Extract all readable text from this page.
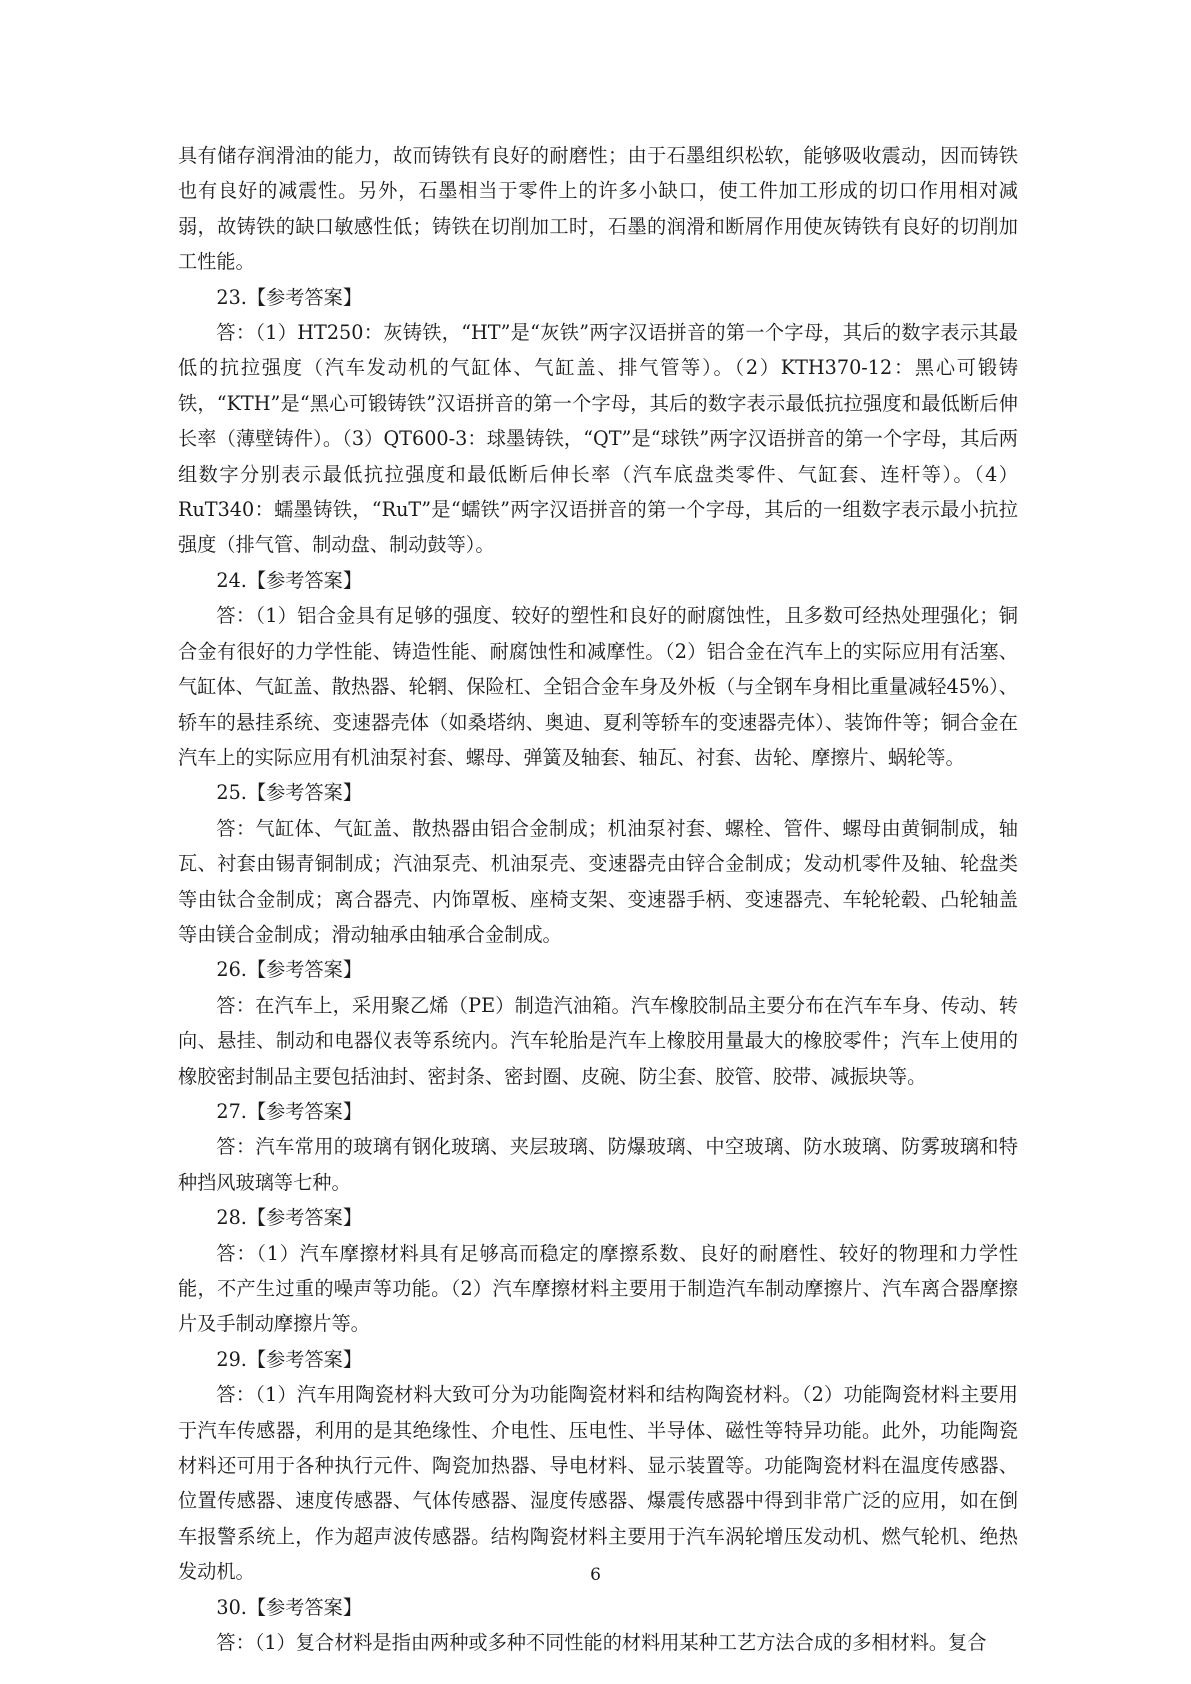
具有储存润滑油的能力，故而铸铁有良好的耐磨性；由于石墨组织松软，能够吸收震动，因而铸铁也有良好的减震性。另外，石墨相当于零件上的许多小缺口，使工件加工形成的切口作用相对减弱，故铸铁的缺口敏感性低；铸铁在切削加工时，石墨的润滑和断屑作用使灰铸铁有良好的切削加工性能。

23.【参考答案】

答：（1）HT250：灰铸铁，“HT”是“灰铁”两字汉语拼音的第一个字母，其后的数字表示其最低的抗拉强度（汽车发动机的气缸体、气缸盖、排气管等）。（2）KTH370-12：黑心可锻铸铁，“KTH”是“黑心可锻铸铁”汉语拼音的第一个字母，其后的数字表示最低抗拉强度和最低断后伸长率（薄壁铸件）。（3）QT600-3：球墨铸铁，“QT”是“球铁”两字汉语拼音的第一个字母，其后两组数字分别表示最低抗拉强度和最低断后伸长率（汽车底盘类零件、气缸套、连杆等）。（4）RuT340：蠕墨铸铁，“RuT”是“蠕铁”两字汉语拼音的第一个字母，其后的一组数字表示最小抗拉强度（排气管、制动盘、制动鼓等）。

24.【参考答案】

答：（1）铝合金具有足够的强度、较好的塑性和良好的耐腐蚀性，且多数可经热处理强化；铜合金有很好的力学性能、铸造性能、耐腐蚀性和减摩性。（2）铝合金在汽车上的实际应用有活塞、气缸体、气缸盖、散热器、轮辋、保险杠、全铝合金车身及外板（与全钢车身相比重量减轻45%）、轿车的悬挂系统、变速器壳体（如桑塔纳、奥迪、夏利等轿车的变速器壳体）、装饰件等；铜合金在汽车上的实际应用有机油泵衬套、螺母、弹簧及轴套、轴瓦、衬套、齿轮、摩擦片、蜗轮等。

25.【参考答案】

答：气缸体、气缸盖、散热器由铝合金制成；机油泵衬套、螺栓、管件、螺母由黄铜制成，轴瓦、衬套由锡青铜制成；汽油泵壳、机油泵壳、变速器壳由锌合金制成；发动机零件及轴、轮盘类等由钛合金制成；离合器壳、内饰罩板、座椅支架、变速器手柄、变速器壳、车轮轮毂、凸轮轴盖等由镁合金制成；滑动轴承由轴承合金制成。

26.【参考答案】

答：在汽车上，采用聚乙烯（PE）制造汽油箱。汽车橡胶制品主要分布在汽车车身、传动、转向、悬挂、制动和电器仪表等系统内。汽车轮胎是汽车上橡胶用量最大的橡胶零件；汽车上使用的橡胶密封制品主要包括油封、密封条、密封圈、皮碗、防尘套、胶管、胶带、减振块等。

27.【参考答案】

答：汽车常用的玻璃有钢化玻璃、夹层玻璃、防爆玻璃、中空玻璃、防水玻璃、防雾玻璃和特种挡风玻璃等七种。

28.【参考答案】

答：（1）汽车摩擦材料具有足够高而稳定的摩擦系数、良好的耐磨性、较好的物理和力学性能，不产生过重的噪声等功能。（2）汽车摩擦材料主要用于制造汽车制动摩擦片、汽车离合器摩擦片及手制动摩擦片等。

29.【参考答案】

答：（1）汽车用陶瓷材料大致可分为功能陶瓷材料和结构陶瓷材料。（2）功能陶瓷材料主要用于汽车传感器，利用的是其绝缘性、介电性、压电性、半导体、磁性等特异功能。此外，功能陶瓷材料还可用于各种执行元件、陶瓷加热器、导电材料、显示装置等。功能陶瓷材料在温度传感器、位置传感器、速度传感器、气体传感器、湿度传感器、爆震传感器中得到非常广泛的应用，如在倒车报警系统上，作为超声波传感器。结构陶瓷材料主要用于汽车涡轮增压发动机、燃气轮机、绝热发动机。

30.【参考答案】

答：（1）复合材料是指由两种或多种不同性能的材料用某种工艺方法合成的多相材料。复合

6
